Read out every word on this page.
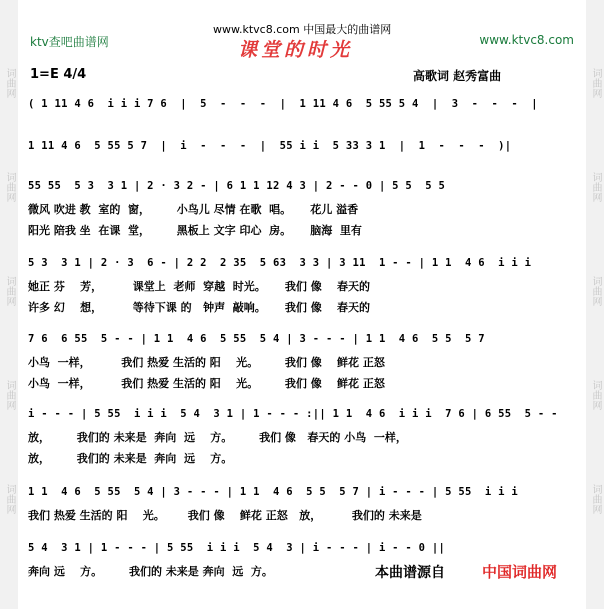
词曲网
词曲网
词曲网
词曲网
词曲网
词曲网
词曲网
词曲网
词曲网
词曲网
ktv查吧曲谱网
www.ktvc8.com 中国最大的曲谱网
www.ktvc8.com
课堂的时光
1=E 4/4	高歌词 赵秀富曲
( 1 11 4 6  i i i 7 6  |  5  -  -  -  |  1 11 4 6  5 55 5 4  |  3  -  -  -  |
1 11 4 6  5 55 5 7  |  i  -  -  -  |  55 i i  5 33 3 1  |  1  -  -  -  )|
55 55  5 3  3 1 | 2 · 3 2 - | 6 1 1 12 4 3 | 2 - - 0 | 5 5  5 5
微风 吹进 教  室的  窗，       小鸟儿 尽情 在歌  唱。     花儿 溢香
阳光 陪我 坐  在课  堂，       黑板上 文字 印心  房。     脑海  里有
5 3  3 1 | 2 · 3  6 - | 2 2  2 35  5 63  3 3 | 3 11  1 - - | 1 1  4 6  i i i
她正 芬    芳，        课堂上  老师  穿越  时光。     我们 像    春天的
许多 幻    想，        等待下课 的   钟声  敲响。     我们 像    春天的
7 6  6 55  5 - - | 1 1  4 6  5 55  5 4 | 3 - - - | 1 1  4 6  5 5  5 7
小鸟  一样，        我们 热爱 生活的 阳    光。       我们 像    鲜花 正怒
小鸟  一样，        我们 热爱 生活的 阳    光。       我们 像    鲜花 正怒
i - - - | 5 55  i i i  5 4  3 1 | 1 - - - :|| 1 1  4 6  i i i  7 6 | 6 55  5 - -
放，       我们的 未来是  奔向  远    方。       我们 像   春天的 小鸟  一样，
放，       我们的 未来是  奔向  远    方。
1 1  4 6  5 55  5 4 | 3 - - - | 1 1  4 6  5 5  5 7 | i - - - | 5 55  i i i
我们 热爱 生活的 阳    光。      我们 像    鲜花 正怒   放，        我们的 未来是
5 4  3 1 | 1 - - - | 5 55  i i i  5 4  3 | i - - - | i - - 0 ||
奔向 远    方。       我们的 未来是 奔向  远  方。	本曲谱源自 中国词曲网
